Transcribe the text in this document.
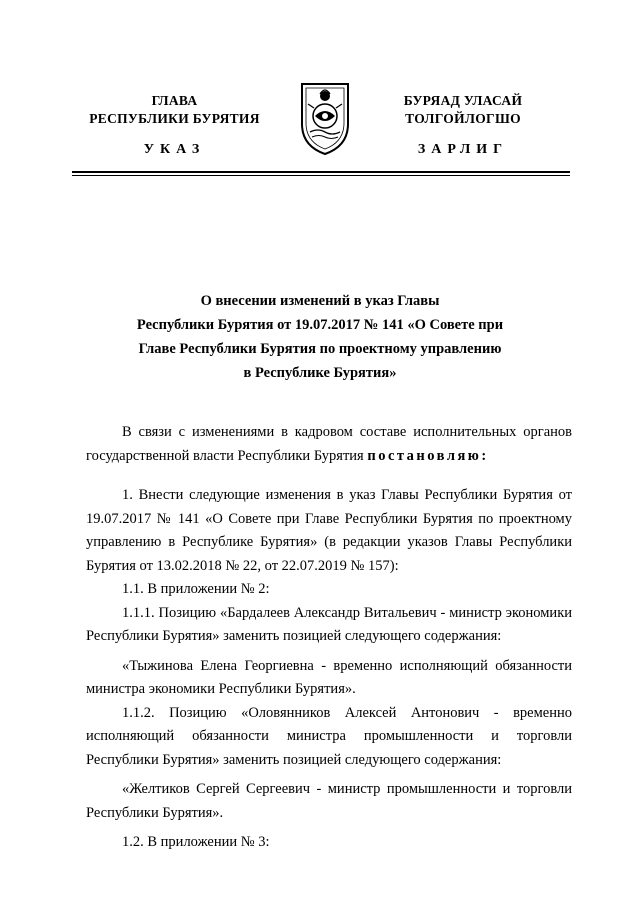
ГЛАВА
РЕСПУБЛИКИ БУРЯТИЯ
УКАЗ
БУРЯАД УЛАСАЙ
ТОЛГОЙЛОГШО
ЗАРЛИГ
О внесении изменений в указ Главы
Республики Бурятия от 19.07.2017 № 141 «О Совете при
Главе Республики Бурятия по проектному управлению
в Республике Бурятия»

В связи с изменениями в кадровом составе исполнительных органов государственной власти Республики Бурятия постановляю:

1. Внести следующие изменения в указ Главы Республики Бурятия от 19.07.2017 № 141 «О Совете при Главе Республики Бурятия по проектному управлению в Республике Бурятия» (в редакции указов Главы Республики Бурятия от 13.02.2018 № 22, от 22.07.2019 № 157):

1.1. В приложении № 2:

1.1.1. Позицию «Бардалеев Александр Витальевич - министр экономики Республики Бурятия» заменить позицией следующего содержания:

«Тыжинова Елена Георгиевна - временно исполняющий обязанности министра экономики Республики Бурятия».

1.1.2. Позицию «Оловянников Алексей Антонович - временно исполняющий обязанности министра промышленности и торговли Республики Бурятия» заменить позицией следующего содержания:

«Желтиков Сергей Сергеевич - министр промышленности и торговли Республики Бурятия».

1.2. В приложении № 3:
